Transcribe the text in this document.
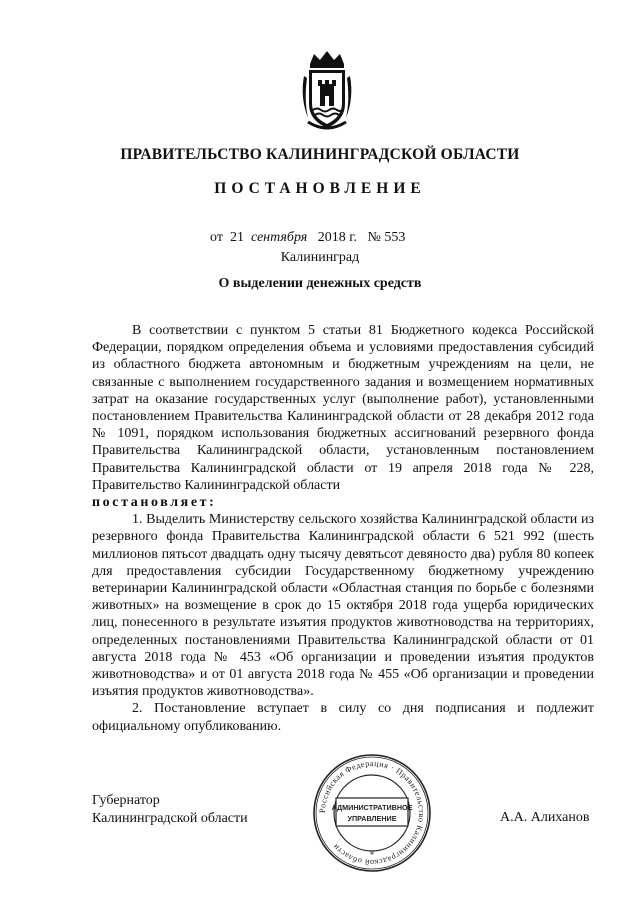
ПРАВИТЕЛЬСТВО КАЛИНИНГРАДСКОЙ ОБЛАСТИ
ПОСТАНОВЛЕНИЕ
от 21 сентября 2018 г. № 553
Калининград
О выделении денежных средств

В соответствии с пунктом 5 статьи 81 Бюджетного кодекса Российской Федерации, порядком определения объема и условиями предоставления субсидий из областного бюджета автономным и бюджетным учреждениям на цели, не связанные с выполнением государственного задания и возмещением нормативных затрат на оказание государственных услуг (выполнение работ), установленными постановлением Правительства Калининградской области от 28 декабря 2012 года № 1091, порядком использования бюджетных ассигнований резервного фонда Правительства Калининградской области, установленным постановлением Правительства Калининградской области от 19 апреля 2018 года № 228, Правительство Калининградской области

постановляет:

1. Выделить Министерству сельского хозяйства Калининградской области из резервного фонда Правительства Калининградской области 6 521 992 (шесть миллионов пятьсот двадцать одну тысячу девятьсот девяносто два) рубля 80 копеек для предоставления субсидии Государственному бюджетному учреждению ветеринарии Калининградской области «Областная станция по борьбе с болезнями животных» на возмещение в срок до 15 октября 2018 года ущерба юридических лиц, понесенного в результате изъятия продуктов животноводства на территориях, определенных постановлениями Правительства Калининградской области от 01 августа 2018 года № 453 «Об организации и проведении изъятия продуктов животноводства» и от 01 августа 2018 года № 455 «Об организации и проведении изъятия продуктов животноводства».

2. Постановление вступает в силу со дня подписания и подлежит официальному опубликованию.

Губернатор
Калининградской области	Российская Федерация · Правительство Калининградской области
АДМИНИСТРАТИВНОЕ
УПРАВЛЕНИЕ
*
А.А. Алиханов
